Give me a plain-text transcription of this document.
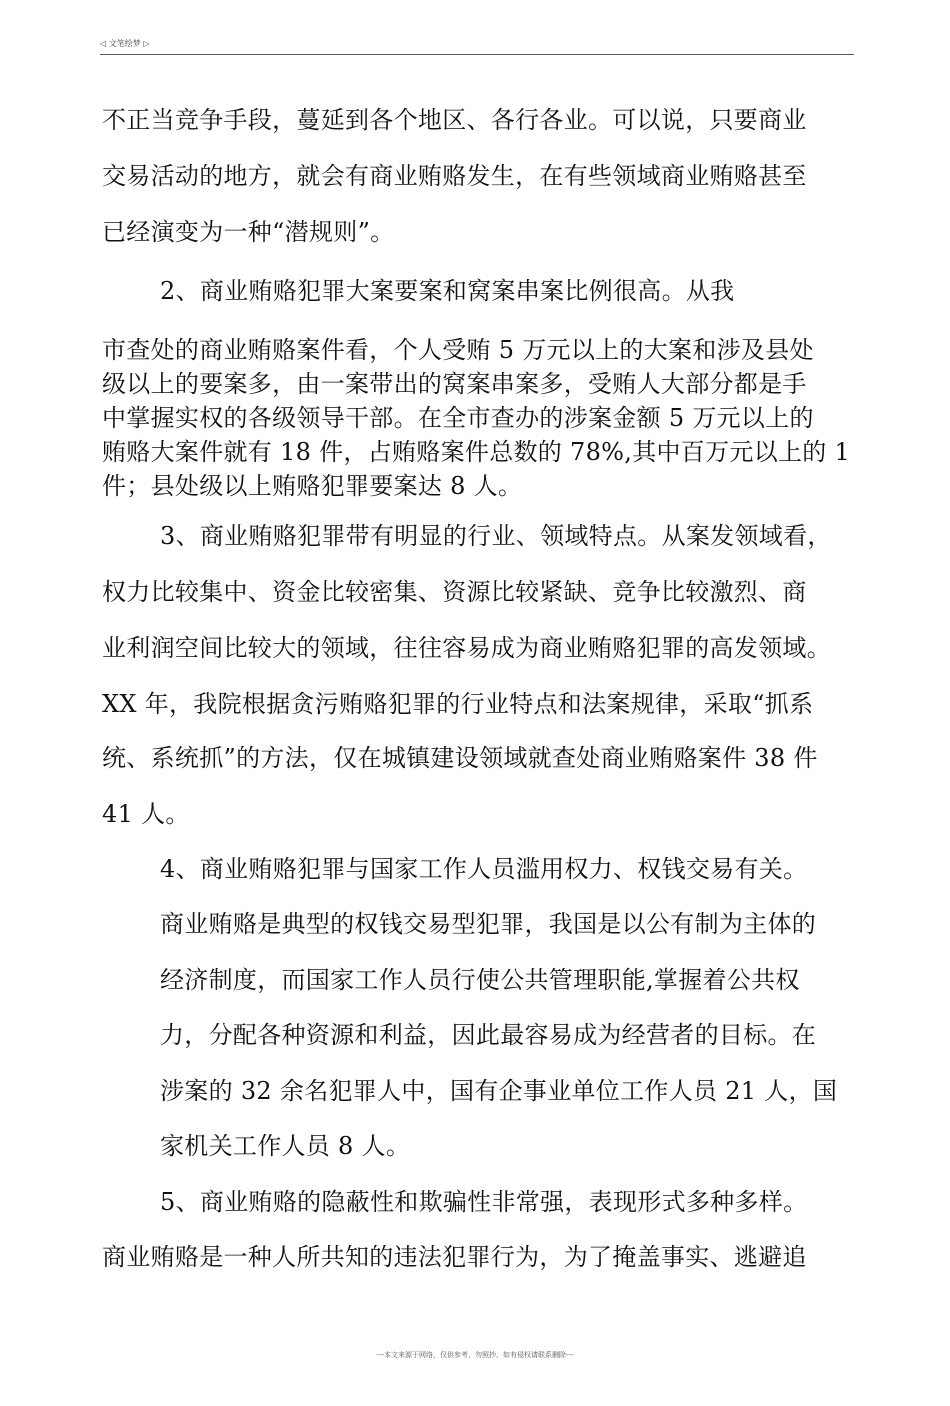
◁ 文笔绘梦 ▷
不正当竞争手段，蔓延到各个地区、各行各业。可以说，只要商业
交易活动的地方，就会有商业贿赂发生，在有些领域商业贿赂甚至
已经演变为一种“潜规则”。
2、商业贿赂犯罪大案要案和窝案串案比例很高。从我
市查处的商业贿赂案件看，个人受贿 5 万元以上的大案和涉及县处
级以上的要案多，由一案带出的窝案串案多，受贿人大部分都是手
中掌握实权的各级领导干部。在全市查办的涉案金额 5 万元以上的
贿赂大案件就有 18 件，占贿赂案件总数的 78%,其中百万元以上的 1
件；县处级以上贿赂犯罪要案达 8 人。
3、商业贿赂犯罪带有明显的行业、领域特点。从案发领域看，
权力比较集中、资金比较密集、资源比较紧缺、竞争比较激烈、商
业利润空间比较大的领域，往往容易成为商业贿赂犯罪的高发领域。
XX 年，我院根据贪污贿赂犯罪的行业特点和法案规律，采取“抓系
统、系统抓”的方法，仅在城镇建设领域就查处商业贿赂案件 38 件
41 人。
4、商业贿赂犯罪与国家工作人员滥用权力、权钱交易有关。
商业贿赂是典型的权钱交易型犯罪，我国是以公有制为主体的
经济制度，而国家工作人员行使公共管理职能,掌握着公共权
力，分配各种资源和利益，因此最容易成为经营者的目标。在
涉案的 32 余名犯罪人中，国有企事业单位工作人员 21 人，国
家机关工作人员 8 人。
5、商业贿赂的隐蔽性和欺骗性非常强，表现形式多种多样。
商业贿赂是一种人所共知的违法犯罪行为，为了掩盖事实、逃避追
---本文来源于网络，仅供参考，勿照抄，如有侵权请联系删除---
